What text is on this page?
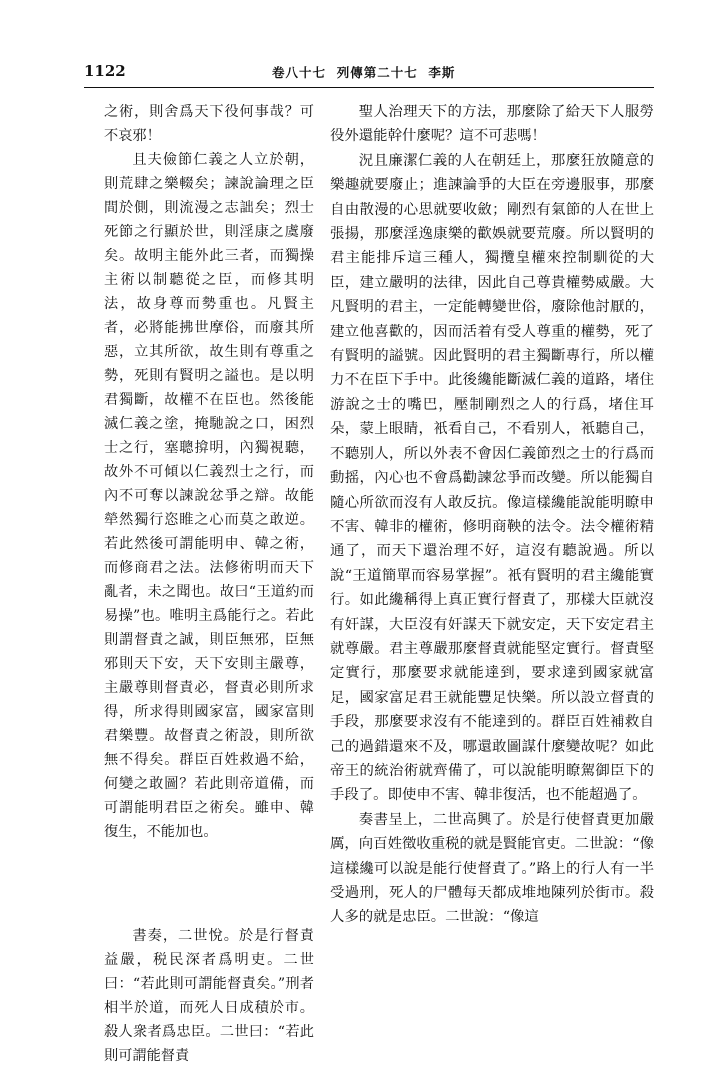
1122	卷八十七  列傳第二十七  李斯

之術，則舍爲天下役何事哉？可不哀邪！

且夫儉節仁義之人立於朝，則荒肆之樂輟矣；諫說論理之臣間於側，則流漫之志詘矣；烈士死節之行顯於世，則淫康之虞廢矣。故明主能外此三者，而獨操主術以制聽從之臣，而修其明法，故身尊而勢重也。凡賢主者，必將能拂世摩俗，而廢其所惡，立其所欲，故生則有尊重之勢，死則有賢明之謚也。是以明君獨斷，故權不在臣也。然後能滅仁義之塗，掩馳說之口，困烈士之行，塞聰揜明，內獨視聽，故外不可傾以仁義烈士之行，而內不可奪以諫說忿爭之辯。故能犖然獨行恣睢之心而莫之敢逆。若此然後可謂能明申、韓之術，而修商君之法。法修術明而天下亂者，未之聞也。故曰“王道約而易操”也。唯明主爲能行之。若此則謂督責之誠，則臣無邪，臣無邪則天下安，天下安則主嚴尊，主嚴尊則督責必，督責必則所求得，所求得則國家富，國家富則君樂豐。故督責之術設，則所欲無不得矣。群臣百姓救過不給，何變之敢圖？若此則帝道備，而可謂能明君臣之術矣。雖申、韓復生，不能加也。

書奏，二世悅。於是行督責益嚴，税民深者爲明吏。二世曰：“若此則可謂能督責矣。”刑者相半於道，而死人日成積於市。殺人衆者爲忠臣。二世曰：“若此則可謂能督責

聖人治理天下的方法，那麼除了給天下人服勞役外還能幹什麼呢？這不可悲嗎！

況且廉潔仁義的人在朝廷上，那麼狂放隨意的樂趣就要廢止；進諫論爭的大臣在旁邊服事，那麼自由散漫的心思就要收斂；剛烈有氣節的人在世上張揚，那麼淫逸康樂的歡娛就要荒廢。所以賢明的君主能排斥這三種人，獨攬皇權來控制馴從的大臣，建立嚴明的法律，因此自己尊貴權勢威嚴。大凡賢明的君主，一定能轉變世俗，廢除他討厭的，建立他喜歡的，因而活着有受人尊重的權勢，死了有賢明的謚號。因此賢明的君主獨斷專行，所以權力不在臣下手中。此後纔能斷滅仁義的道路，堵住游說之士的嘴巴，壓制剛烈之人的行爲，堵住耳朵，蒙上眼睛，衹看自己，不看别人，衹聽自己，不聽别人，所以外表不會因仁義節烈之士的行爲而動摇，內心也不會爲勸諫忿爭而改變。所以能獨自隨心所欲而沒有人敢反抗。像這樣纔能說能明瞭申不害、韓非的權術，修明商鞅的法令。法令權術精通了，而天下還治理不好，這沒有聽說過。所以說“王道簡單而容易掌握”。衹有賢明的君主纔能實行。如此纔稱得上真正實行督責了，那樣大臣就沒有奸謀，大臣沒有奸謀天下就安定，天下安定君主就尊嚴。君主尊嚴那麼督責就能堅定實行。督責堅定實行，那麼要求就能達到，要求達到國家就富足，國家富足君王就能豐足快樂。所以設立督責的手段，那麼要求沒有不能達到的。群臣百姓補救自己的過錯還來不及，哪還敢圖謀什麼變故呢？如此帝王的統治術就齊備了，可以說能明瞭駕御臣下的手段了。即使申不害、韓非復活，也不能超過了。

奏書呈上，二世高興了。於是行使督責更加嚴厲，向百姓徵收重税的就是賢能官吏。二世說：“像這樣纔可以說是能行使督責了。”路上的行人有一半受過刑，死人的尸體每天都成堆地陳列於街市。殺人多的就是忠臣。二世說：“像這
